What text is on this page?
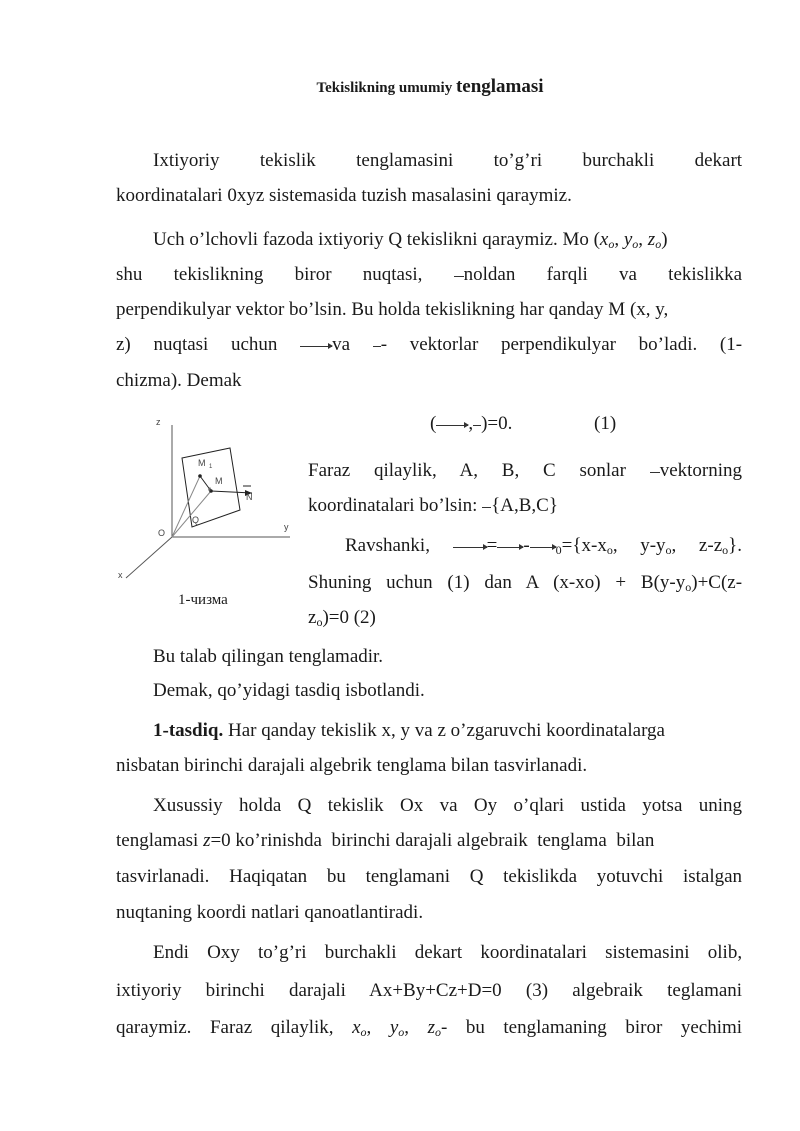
Tekislikning umumiy tenglamasi
Ixtiyoriy tekislik tenglamasini to’g’ri burchakli dekart
koordinatalari 0xyz sistemasida tuzish masalasini qaraymiz.
Uch o’lchovli fazoda ixtiyoriy Q tekislikni qaraymiz. Mo ($x_o$, $y_o$, $z_o$)
shu tekislikning biror nuqtasi, noldan farqli va tekislikka
perpendikulyar vektor bo’lsin. Bu holda tekislikning har qanday M (x, y,
z) nuqtasi uchun	va - vektorlar perpendikulyar bo’ladi. (1-
chizma). Demak
( , )=0.	(1)
z
y
x
O
Q
N
M 1
M
o
1-чизма
Faraz qilaylik, A, B, C sonlar vektorning
koordinatalari bo’lsin: {A,B,C}
Ravshanki,	= - $_0=\{x-x_o$, $y-y_o$, $z-z_o$}.
Shuning uchun (1) dan A $(x-xo) + B(y-y_o)+C(z-$
$z_o)=0$ (2)
Bu talab qilingan tenglamadir.
Demak, qo’yidagi tasdiq isbotlandi.
1-tasdiq. Har qanday tekislik x, y va z o’zgaruvchi koordinatalarga
nisbatan birinchi darajali algebrik tenglama bilan tasvirlanadi.
Xusussiy holda Q tekislik Ox va Oy o’qlari ustida yotsa uning
tenglamasi z=0 ko’rinishda  birinchi darajali algebraik  tenglama  bilan
tasvirlanadi. Haqiqatan bu tenglamani Q tekislikda yotuvchi istalgan
nuqtaning koordi natlari qanoatlantiradi.
Endi Oxy to’g’ri burchakli dekart koordinatalari sistemasini olib,
ixtiyoriy birinchi darajali Ax+By+Cz+D=0 (3) algebraik teglamani
qaraymiz. Faraz qilaylik, $x_o$, $y_o$, $z_o-$ bu tenglamaning biror yechimi
